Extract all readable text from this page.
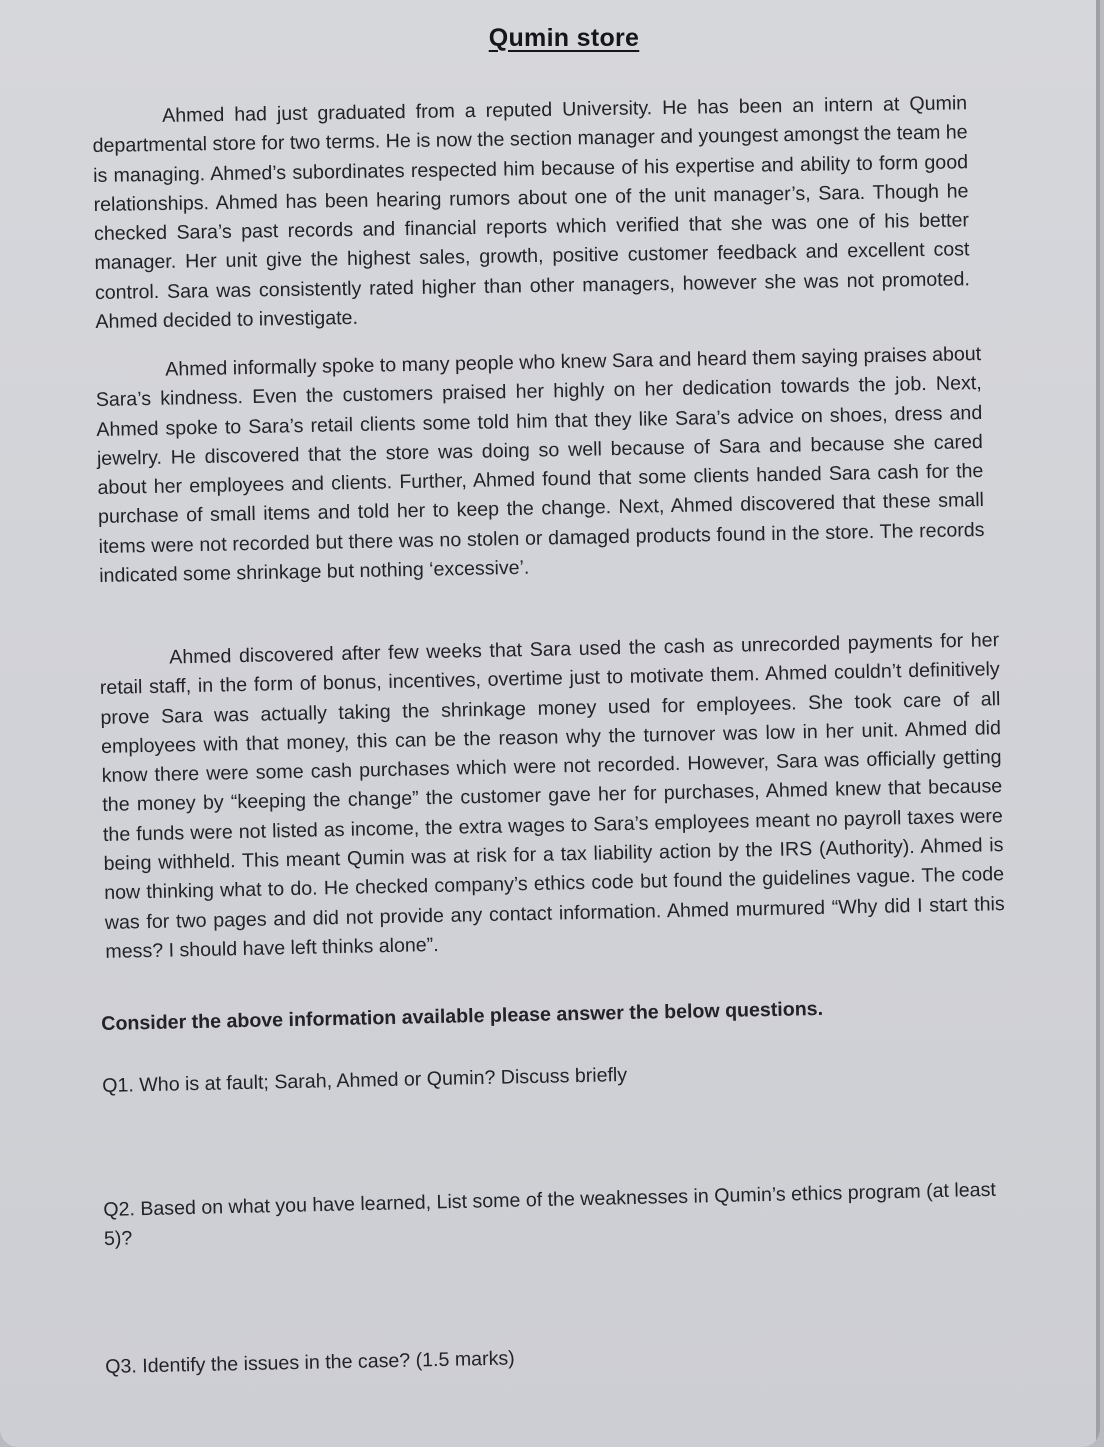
Qumin store

Ahmed had just graduated from a reputed University. He has been an intern at Qumin departmental store for two terms. He is now the section manager and youngest amongst the team he is managing. Ahmed’s subordinates respected him because of his expertise and ability to form good relationships. Ahmed has been hearing rumors about one of the unit manager’s, Sara. Though he checked Sara’s past records and financial reports which verified that she was one of his better manager. Her unit give the highest sales, growth, positive customer feedback and excellent cost control. Sara was consistently rated higher than other managers, however she was not promoted. Ahmed decided to investigate.

Ahmed informally spoke to many people who knew Sara and heard them saying praises about Sara’s kindness. Even the customers praised her highly on her dedication towards the job. Next, Ahmed spoke to Sara’s retail clients some told him that they like Sara’s advice on shoes, dress and jewelry. He discovered that the store was doing so well because of Sara and because she cared about her employees and clients. Further, Ahmed found that some clients handed Sara cash for the purchase of small items and told her to keep the change. Next, Ahmed discovered that these small items were not recorded but there was no stolen or damaged products found in the store. The records indicated some shrinkage but nothing ‘excessive’.

Ahmed discovered after few weeks that Sara used the cash as unrecorded payments for her retail staff, in the form of bonus, incentives, overtime just to motivate them. Ahmed couldn’t definitively prove Sara was actually taking the shrinkage money used for employees. She took care of all employees with that money, this can be the reason why the turnover was low in her unit. Ahmed did know there were some cash purchases which were not recorded. However, Sara was officially getting the money by “keeping the change” the customer gave her for purchases, Ahmed knew that because the funds were not listed as income, the extra wages to Sara’s employees meant no payroll taxes were being withheld. This meant Qumin was at risk for a tax liability action by the IRS (Authority). Ahmed is now thinking what to do. He checked company’s ethics code but found the guidelines vague. The code was for two pages and did not provide any contact information. Ahmed murmured “Why did I start this mess? I should have left thinks alone”.

Consider the above information available please answer the below questions.
Q1. Who is at fault; Sarah, Ahmed or Qumin? Discuss briefly
Q2. Based on what you have learned, List some of the weaknesses in Qumin’s ethics program (at least 5)?
Q3. Identify the issues in the case? (1.5 marks)
